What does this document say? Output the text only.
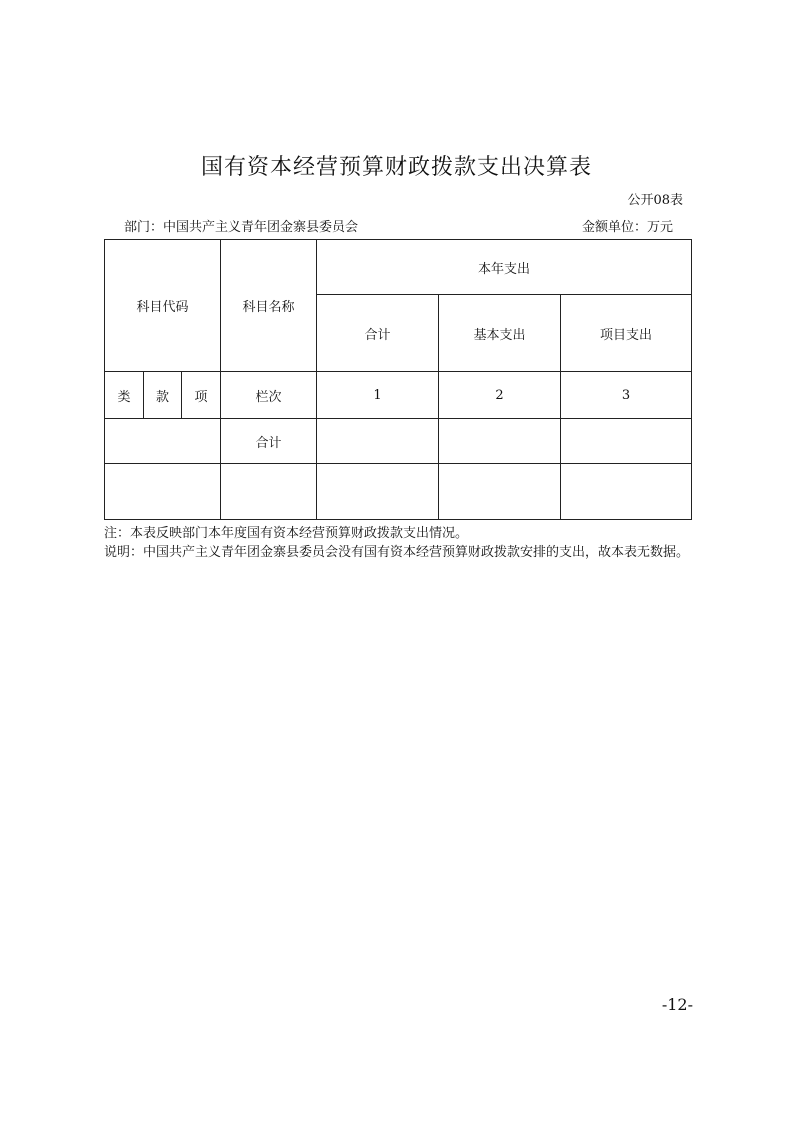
国有资本经营预算财政拨款支出决算表
公开08表
部门：中国共产主义青年团金寨县委员会	金额单位：万元
科目代码			科目名称	本年支出		
				合计	基本支出	项目支出
类	款	项	栏次	1	2	3
			合计			

注：本表反映部门本年度国有资本经营预算财政拨款支出情况。

说明：中国共产主义青年团金寨县委员会没有国有资本经营预算财政拨款安排的支出，故本表无数据。

-12-
